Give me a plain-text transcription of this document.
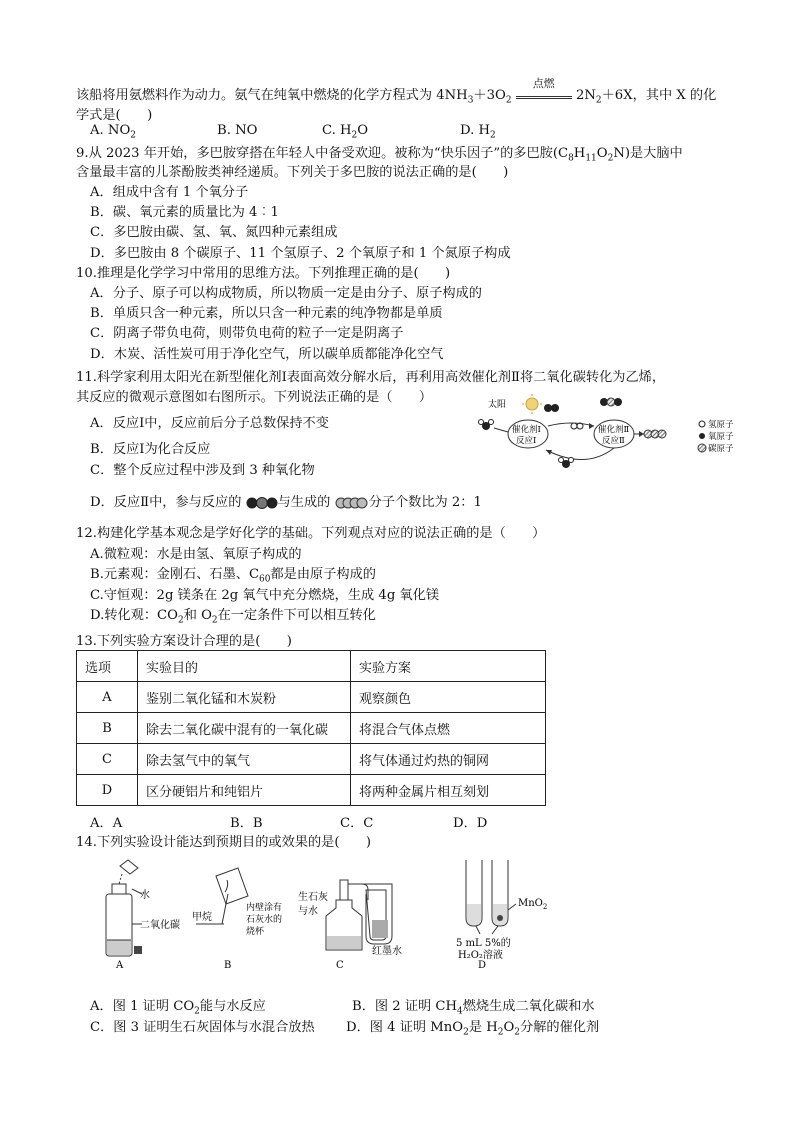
该船将用氨燃料作为动力。氨气在纯氧中燃烧的化学方程式为 $4NH_3+3O_2$
点燃
$2N_2+6X$，其中 X 的化
学式是(　　)
A. $NO_2$	B. NO	C. $H_2O$	D. $H_2$
9.从 2023 年开始，多巴胺穿搭在年轻人中备受欢迎。被称为“快乐因子”的多巴胺$(C_8H_{11}O_2N)$是大脑中
含量最丰富的儿茶酚胺类神经递质。下列关于多巴胺的说法正确的是(　　)
A．组成中含有 1 个氧分子
B．碳、氧元素的质量比为 4︰1
C．多巴胺由碳、氢、氧、氮四种元素组成
D．多巴胺由 8 个碳原子、11 个氢原子、2 个氧原子和 1 个氮原子构成
10.推理是化学学习中常用的思维方法。下列推理正确的是(　　)
A．分子、原子可以构成物质，所以物质一定是由分子、原子构成的
B．单质只含一种元素，所以只含一种元素的纯净物都是单质
C．阴离子带负电荷，则带负电荷的粒子一定是阴离子
D．木炭、活性炭可用于净化空气，所以碳单质都能净化空气
11.科学家利用太阳光在新型催化剂Ⅰ表面高效分解水后，再利用高效催化剂Ⅱ将二氧化碳转化为乙烯，
其反应的微观示意图如右图所示。下列说法正确的是（　　）
A．反应Ⅰ中，反应前后分子总数保持不变
B．反应Ⅰ为化合反应
C．整个反应过程中涉及到 3 种氧化物
D．反应Ⅱ中，参与反应的	与生成的	分子个数比为 2：1
太阳
催化剂Ⅰ
反应Ⅰ
催化剂Ⅱ
反应Ⅱ
氢原子
氧原子
碳原子
12.构建化学基本观念是学好化学的基础。下列观点对应的说法正确的是（　　）
A.微粒观：水是由氢、氧原子构成的
B.元素观：金刚石、石墨、$C_{60}$都是由原子构成的
C.守恒观：2g 镁条在 2g 氧气中充分燃烧，生成 4g 氧化镁
D.转化观：$CO_2$和 $O_2$在一定条件下可以相互转化
13.下列实验方案设计合理的是(　　)
选项	实验目的	实验方案
A	鉴别二氧化锰和木炭粉	观察颜色
B	除去二氧化碳中混有的一氧化碳	将混合气体点燃
C	除去氢气中的氧气	将气体通过灼热的铜网
D	区分硬铝片和纯铝片	将两种金属片相互刻划
A．A	B．B	C．C	D．D
14.下列实验设计能达到预期目的或效果的是(　　)
水
二氧化碳
A
甲烷
内壁涂有
石灰水的
烧杯
B
生石灰
与水
红墨水
C
MnO$_2$
5 mL 5%的
H₂O₂溶液
D
A．图 1 证明 $CO_2$能与水反应	B．图 2 证明 $CH_4$燃烧生成二氧化碳和水
C．图 3 证明生石灰固体与水混合放热 D．图 4 证明 MnO$_2$是 $H_2O_2$分解的催化剂
